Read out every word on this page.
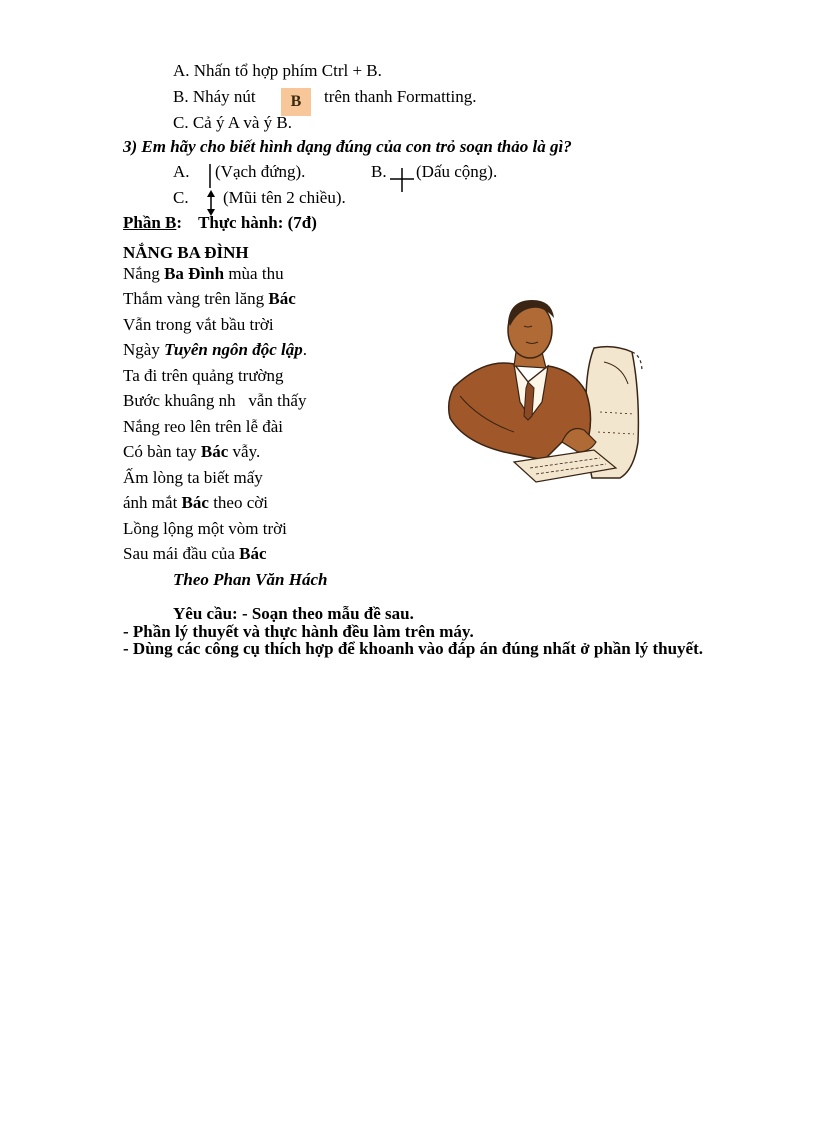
A. Nhấn tổ hợp phím Ctrl + B.
B. Nháy nút	B	trên thanh Formatting.
C. Cả ý A và ý B.
3) Em hãy cho biết hình dạng đúng của con trỏ soạn thảo là gì?
A. (Vạch đứng).	B. (Dấu cộng).
C. (Mũi tên 2 chiều).
Phần B: Thực hành: (7đ)
NẮNG BA ĐÌNH
Nắng Ba Đình mùa thu
Thắm vàng trên lăng Bác
Vẫn trong vắt bầu trời
Ngày Tuyên ngôn độc lập.
Ta đi trên quảng trường
Bước khuâng nh   vẫn thấy
Nắng reo lên trên lễ đài
Có bàn tay Bác vẫy.
Ấm lòng ta biết mấy
ánh mắt Bác theo cời
Lồng lộng một vòm trời
Sau mái đầu của Bác
Theo Phan Văn Hách
Yêu cầu: - Soạn theo mẫu đề sau.
- Phần lý thuyết và thực hành đều làm trên máy.
- Dùng các công cụ thích hợp để khoanh vào đáp án đúng nhất ở phần lý thuyết.
